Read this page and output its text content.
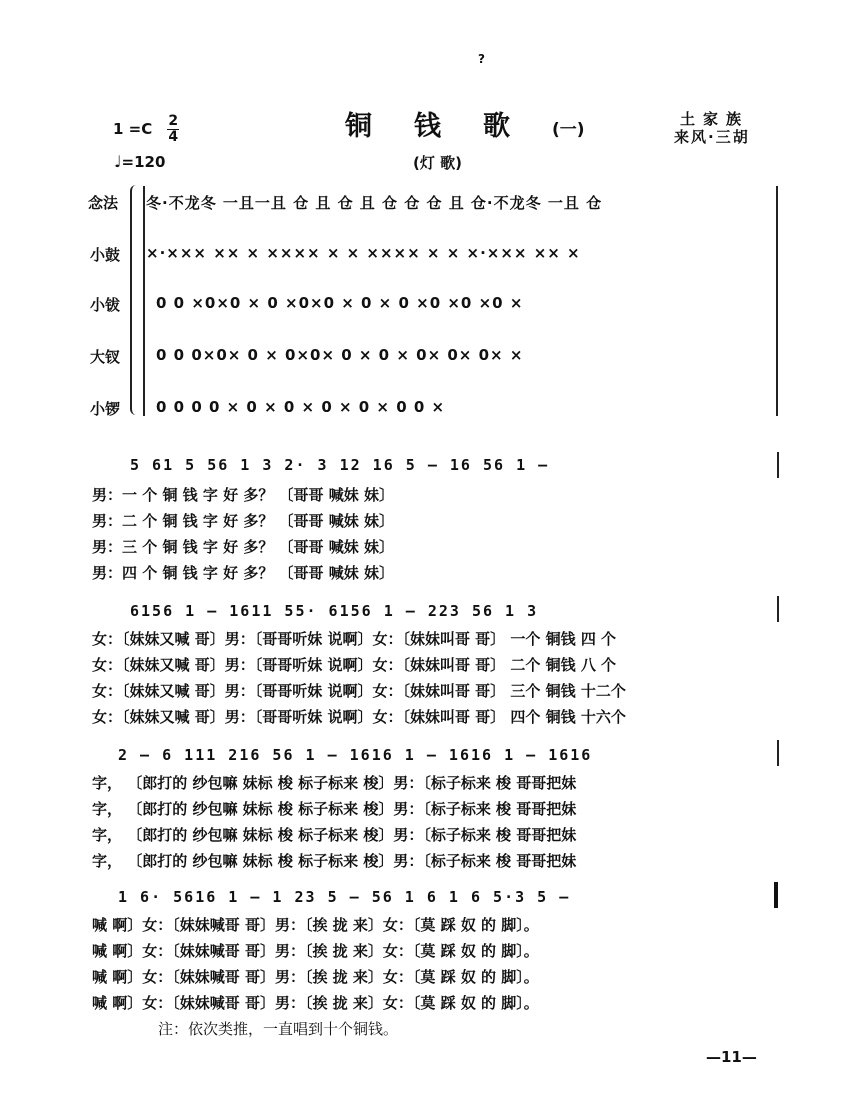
?
$1 =C \frac{2}{4}$	铜钱歌(一)
土家族
来风·三胡
♩=120	(灯 歌)
念法 冬·不龙冬 一且一且 仓 且 仓 且 仓 仓 仓 且 仓·不龙冬 一且 仓
小鼓 ×·××× ×× × ×××× × × ×××× × × ×·××× ×× ×
小钹 0 0 ×0×0 × 0 ×0×0 × 0 × 0 ×0 ×0 ×0 ×
大钗 0 0 0×0× 0 × 0×0× 0 × 0 × 0× 0× 0× ×
小锣 0 0 0 0 × 0 × 0 × 0 × 0 × 0 0 ×
5 61 5 56 1 3 2· 3 12 16 5 — 16 56 1 —
男：一 个 铜 钱 字 好 多？ 〔哥哥 喊妹 妹〕
男：二 个 铜 钱 字 好 多？ 〔哥哥 喊妹 妹〕
男：三 个 铜 钱 字 好 多？ 〔哥哥 喊妹 妹〕
男：四 个 铜 钱 字 好 多？ 〔哥哥 喊妹 妹〕
6156 1 — 1611 55· 6156 1 — 223 56 1 3
女：〔妹妹又喊 哥〕男：〔哥哥听妹 说啊〕女：〔妹妹叫哥 哥〕 一个 铜钱 四 个
女：〔妹妹又喊 哥〕男：〔哥哥听妹 说啊〕女：〔妹妹叫哥 哥〕 二个 铜钱 八 个
女：〔妹妹又喊 哥〕男：〔哥哥听妹 说啊〕女：〔妹妹叫哥 哥〕 三个 铜钱 十二个
女：〔妹妹又喊 哥〕男：〔哥哥听妹 说啊〕女：〔妹妹叫哥 哥〕 四个 铜钱 十六个
2 — 6 111 216 56 1 — 1616 1 — 1616 1 — 1616
字， 〔郎打的 纱包嘛 妹标 梭 标子标来 梭〕男：〔标子标来 梭 哥哥把妹
字， 〔郎打的 纱包嘛 妹标 梭 标子标来 梭〕男：〔标子标来 梭 哥哥把妹
字， 〔郎打的 纱包嘛 妹标 梭 标子标来 梭〕男：〔标子标来 梭 哥哥把妹
字， 〔郎打的 纱包嘛 妹标 梭 标子标来 梭〕男：〔标子标来 梭 哥哥把妹
1 6· 5616 1 — 1 23 5 — 56 1 6 1 6 5·3 5 —
喊 啊〕女：〔妹妹喊哥 哥〕男：〔挨 拢 来〕女：〔莫 踩 奴 的 脚〕。
喊 啊〕女：〔妹妹喊哥 哥〕男：〔挨 拢 来〕女：〔莫 踩 奴 的 脚〕。
喊 啊〕女：〔妹妹喊哥 哥〕男：〔挨 拢 来〕女：〔莫 踩 奴 的 脚〕。
喊 啊〕女：〔妹妹喊哥 哥〕男：〔挨 拢 来〕女：〔莫 踩 奴 的 脚〕。
注：依次类推，一直唱到十个铜钱。
—11—
